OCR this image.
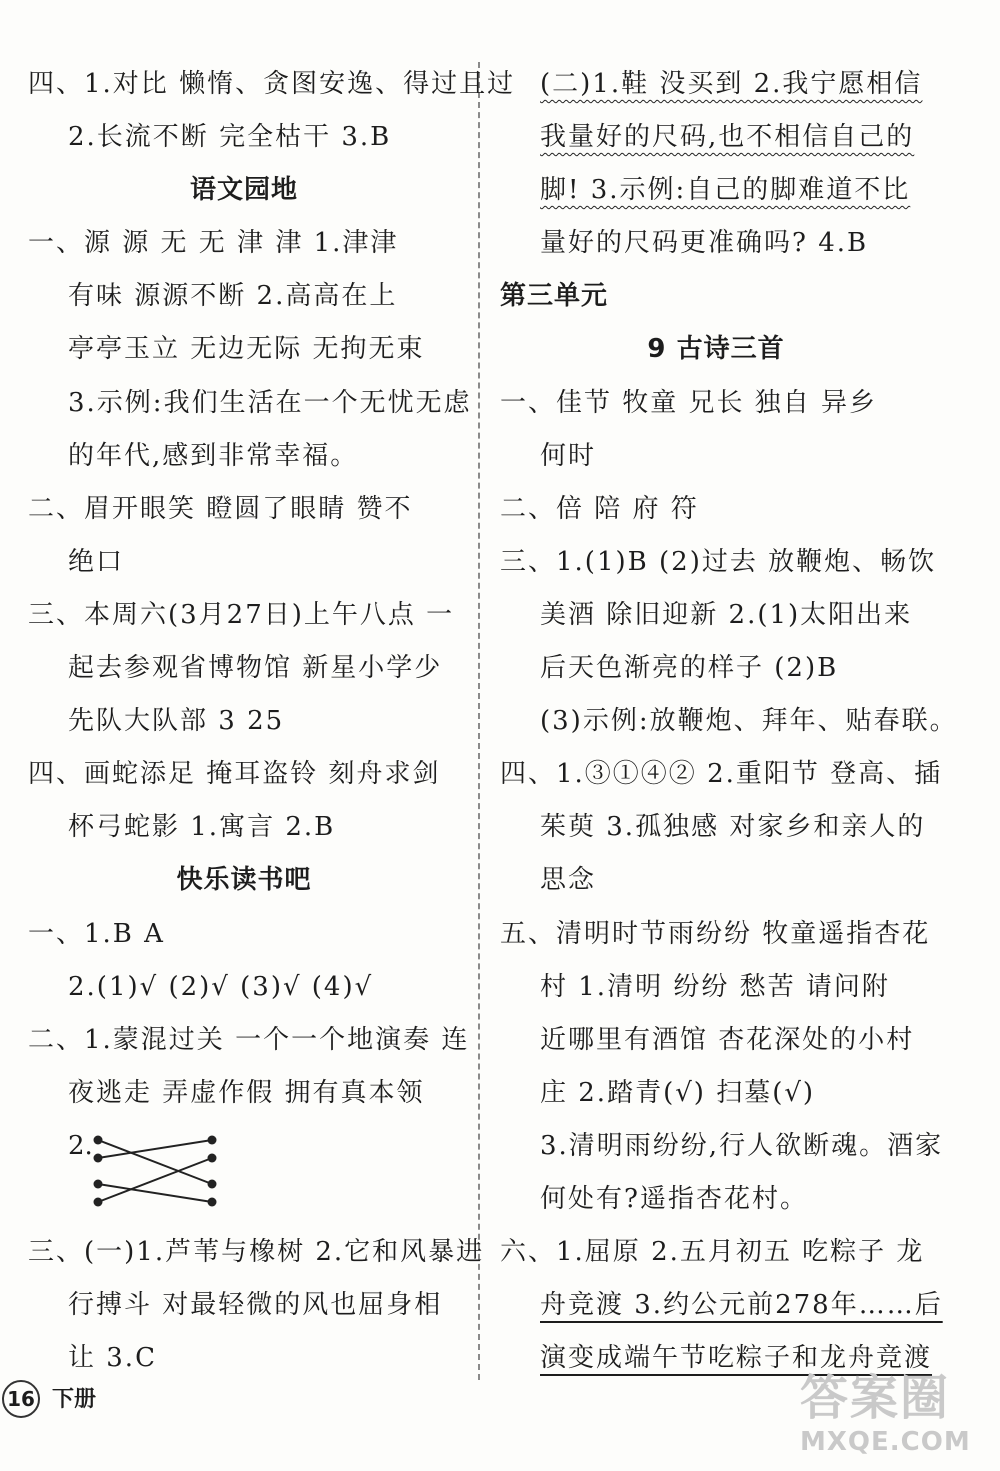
四、1.对比 懒惰、贪图安逸、得过且过
2.长流不断 完全枯干 3.B
语文园地
一、源 源 无 无 津 津 1.津津
有味 源源不断 2.高高在上
亭亭玉立 无边无际 无拘无束
3.示例:我们生活在一个无忧无虑
的年代,感到非常幸福。
二、眉开眼笑 瞪圆了眼睛 赞不
绝口
三、本周六(3月27日)上午八点 一
起去参观省博物馆 新星小学少
先队大队部 3 25
四、画蛇添足 掩耳盗铃 刻舟求剑
杯弓蛇影 1.寓言 2.B
快乐读书吧
一、1.B A
2.(1)√ (2)√ (3)√ (4)√
二、1.蒙混过关 一个一个地演奏 连
夜逃走 弄虚作假 拥有真本领
2.
三、(一)1.芦苇与橡树 2.它和风暴进
行搏斗 对最轻微的风也屈身相
让 3.C
(二)1.鞋 没买到 2.我宁愿相信
我量好的尺码,也不相信自己的
脚! 3.示例:自己的脚难道不比
量好的尺码更准确吗? 4.B
第三单元
9 古诗三首
一、佳节 牧童 兄长 独自 异乡
何时
二、倍 陪 府 符
三、1.(1)B (2)过去 放鞭炮、畅饮
美酒 除旧迎新 2.(1)太阳出来
后天色渐亮的样子 (2)B
(3)示例:放鞭炮、拜年、贴春联。
四、1.③①④② 2.重阳节 登高、插
茱萸 3.孤独感 对家乡和亲人的
思念
五、清明时节雨纷纷 牧童遥指杏花
村 1.清明 纷纷 愁苦 请问附
近哪里有酒馆 杏花深处的小村
庄 2.踏青(√) 扫墓(√)
3.清明雨纷纷,行人欲断魂。酒家
何处有?遥指杏花村。
六、1.屈原 2.五月初五 吃粽子 龙
舟竞渡 3.约公元前278年……后
演变成端午节吃粽子和龙舟竞渡
16 下册	答案圈
MXQE.COM
